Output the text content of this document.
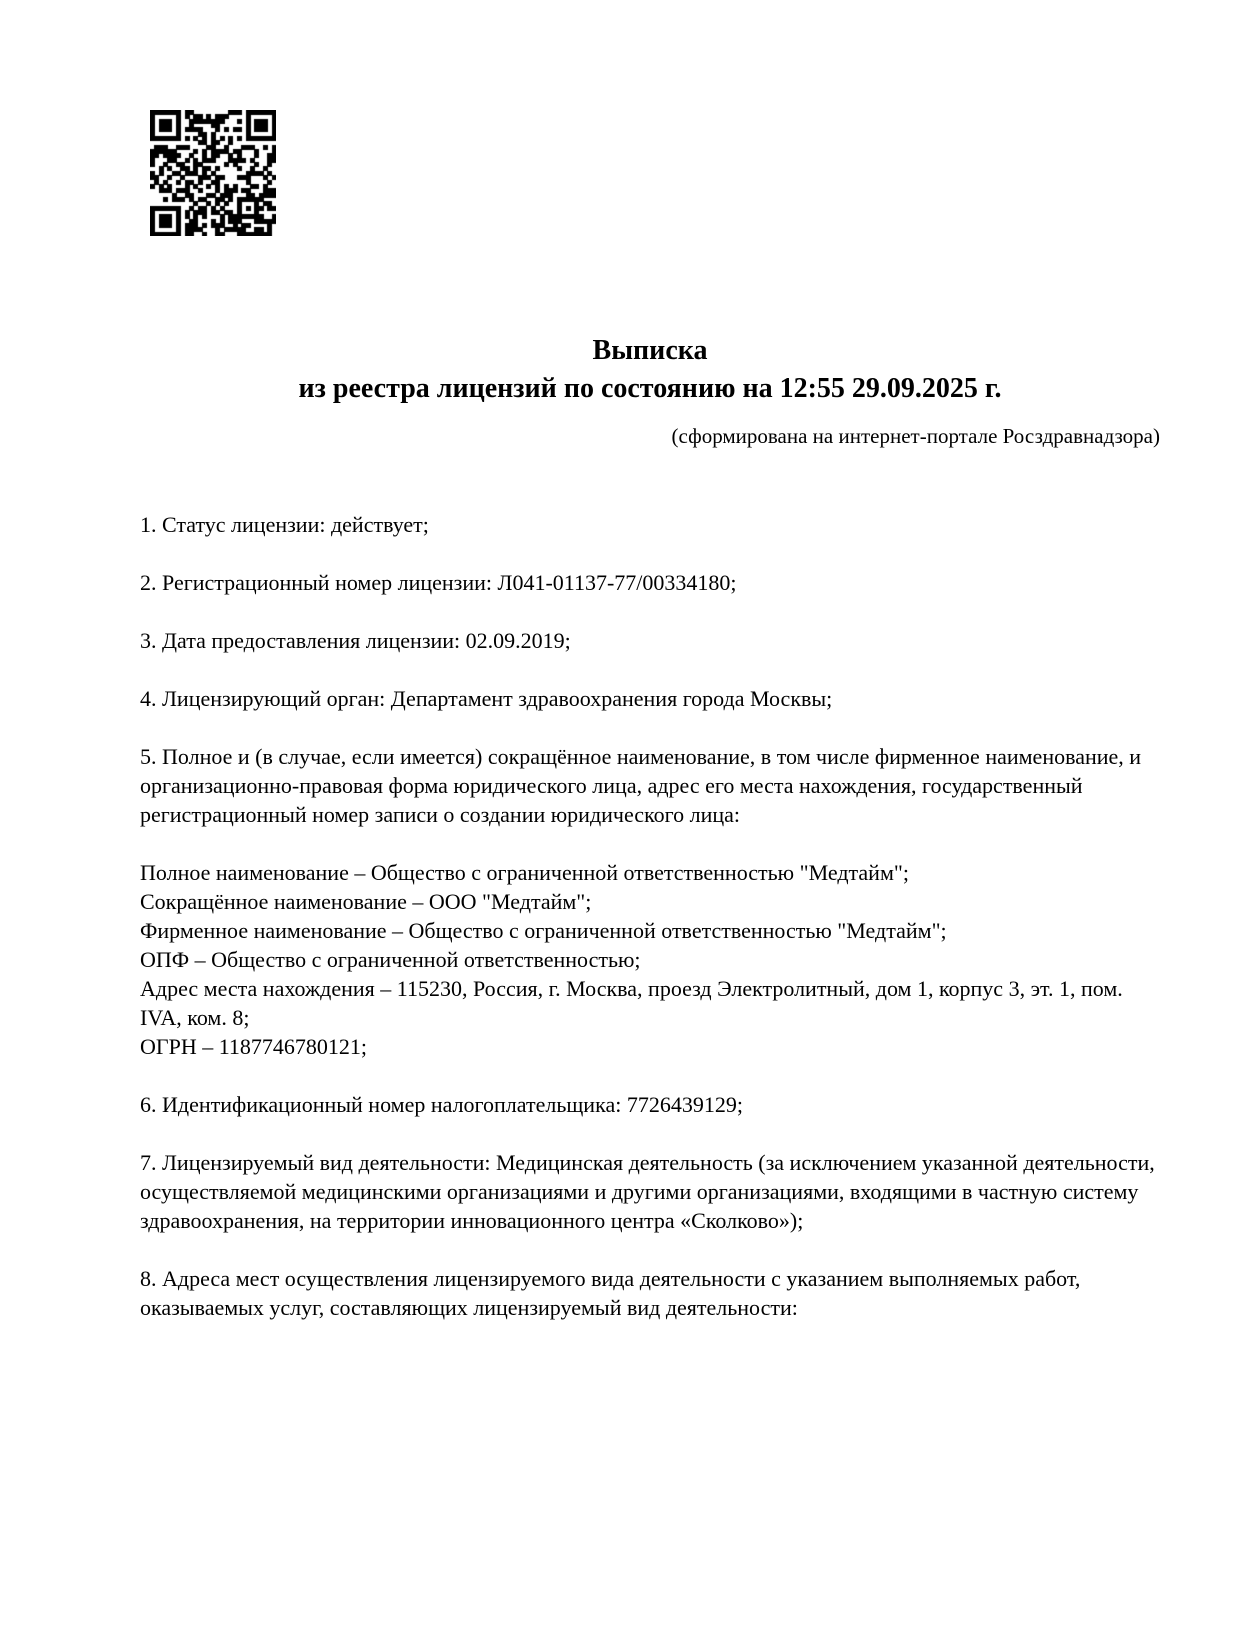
Выписка
из реестра лицензий по состоянию на 12:55 29.09.2025 г.
(сформирована на интернет-портале Росздравнадзора)
1. Статус лицензии: действует;
2. Регистрационный номер лицензии: Л041-01137-77/00334180;
3. Дата предоставления лицензии: 02.09.2019;
4. Лицензирующий орган: Департамент здравоохранения города Москвы;
5. Полное и (в случае, если имеется) сокращённое наименование, в том числе фирменное наименование, и организационно-правовая форма юридического лица, адрес его места нахождения, государственный регистрационный номер записи о создании юридического лица:
Полное наименование – Общество с ограниченной ответственностью "Медтайм";
Сокращённое наименование – ООО "Медтайм";
Фирменное наименование – Общество с ограниченной ответственностью "Медтайм";
ОПФ – Общество с ограниченной ответственностью;
Адрес места нахождения – 115230, Россия, г. Москва, проезд Электролитный, дом 1, корпус 3, эт. 1, пом. IVA, ком. 8;
ОГРН – 1187746780121;
6. Идентификационный номер налогоплательщика: 7726439129;
7. Лицензируемый вид деятельности: Медицинская деятельность (за исключением указанной деятельности, осуществляемой медицинскими организациями и другими организациями, входящими в частную систему здравоохранения, на территории инновационного центра «Сколково»);
8. Адреса мест осуществления лицензируемого вида деятельности с указанием выполняемых работ, оказываемых услуг, составляющих лицензируемый вид деятельности:
